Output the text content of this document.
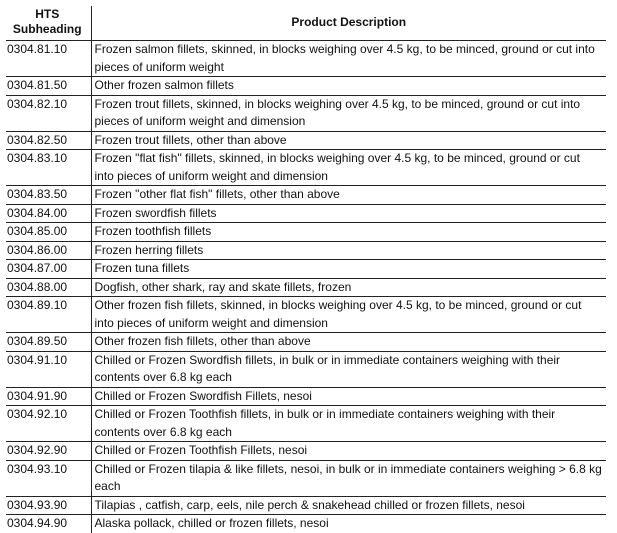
HTS Subheading	Product Description
0304.81.10	Frozen salmon fillets, skinned, in blocks weighing over 4.5 kg, to be minced, ground or cut into pieces of uniform weight
0304.81.50	Other frozen salmon fillets
0304.82.10	Frozen trout fillets, skinned, in blocks weighing over 4.5 kg, to be minced, ground or cut into pieces of uniform weight and dimension
0304.82.50	Frozen trout fillets, other than above
0304.83.10	Frozen "flat fish" fillets, skinned, in blocks weighing over 4.5 kg, to be minced, ground or cut into pieces of uniform weight and dimension
0304.83.50	Frozen "other flat fish" fillets, other than above
0304.84.00	Frozen swordfish fillets
0304.85.00	Frozen toothfish fillets
0304.86.00	Frozen herring fillets
0304.87.00	Frozen tuna fillets
0304.88.00	Dogfish, other shark, ray and skate fillets, frozen
0304.89.10	Other frozen fish fillets, skinned, in blocks weighing over 4.5 kg, to be minced, ground or cut into pieces of uniform weight and dimension
0304.89.50	Other frozen fish fillets, other than above
0304.91.10	Chilled or Frozen Swordfish fillets, in bulk or in immediate containers weighing with their contents over 6.8 kg each
0304.91.90	Chilled or Frozen Swordfish Fillets, nesoi
0304.92.10	Chilled or Frozen Toothfish fillets, in bulk or in immediate containers weighing with their contents over 6.8 kg each
0304.92.90	Chilled or Frozen Toothfish Fillets, nesoi
0304.93.10	Chilled or Frozen tilapia & like fillets, nesoi, in bulk or in immediate containers weighing > 6.8 kg each
0304.93.90	Tilapias , catfish, carp, eels, nile perch & snakehead chilled or frozen fillets, nesoi
0304.94.90	Alaska pollack, chilled or frozen fillets, nesoi
